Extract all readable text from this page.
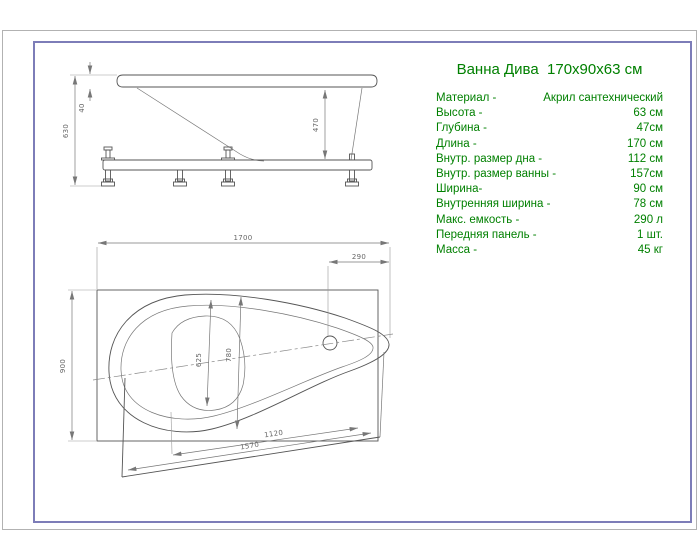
630
40
470
1700
290
900	625	780
1120
1570
Ванна Дива  170x90x63 см
Материал -	Акрил сантехнический
Высота -	63 см
Глубина -	47см
Длина -	170 см
Внутр. размер дна -	112 см
Внутр. размер ванны -	157см
Ширина-	90 см
Внутренняя ширина -	78 см
Макс. емкость -	290 л
Передняя панель -	1 шт.
Масса -	45 кг
